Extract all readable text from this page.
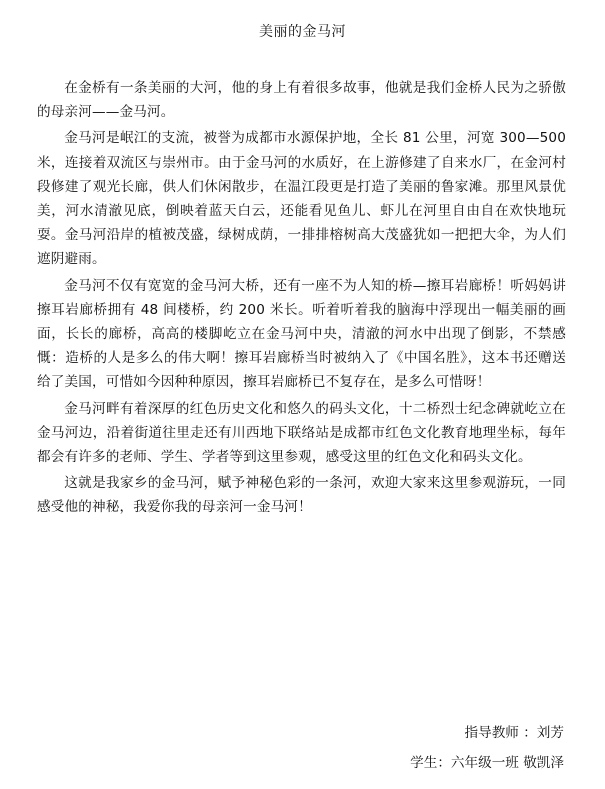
美丽的金马河

在金桥有一条美丽的大河，他的身上有着很多故事，他就是我们金桥人民为之骄傲的母亲河——金马河。

金马河是岷江的支流，被誉为成都市水源保护地，全长 81 公里，河宽 300—500 米，连接着双流区与崇州市。由于金马河的水质好，在上游修建了自来水厂，在金河村段修建了观光长廊，供人们休闲散步，在温江段更是打造了美丽的鲁家滩。那里风景优美，河水清澈见底，倒映着蓝天白云，还能看见鱼儿、虾儿在河里自由自在欢快地玩耍。金马河沿岸的植被茂盛，绿树成荫，一排排榕树高大茂盛犹如一把把大伞，为人们遮阴避雨。

金马河不仅有宽宽的金马河大桥，还有一座不为人知的桥—擦耳岩廊桥！听妈妈讲擦耳岩廊桥拥有 48 间楼桥，约 200 米长。听着听着我的脑海中浮现出一幅美丽的画面，长长的廊桥，高高的楼脚屹立在金马河中央，清澈的河水中出现了倒影，不禁感慨：造桥的人是多么的伟大啊！擦耳岩廊桥当时被纳入了《中国名胜》，这本书还赠送给了美国，可惜如今因种种原因，擦耳岩廊桥已不复存在，是多么可惜呀！

金马河畔有着深厚的红色历史文化和悠久的码头文化，十二桥烈士纪念碑就屹立在金马河边，沿着街道往里走还有川西地下联络站是成都市红色文化教育地理坐标，每年都会有许多的老师、学生、学者等到这里参观，感受这里的红色文化和码头文化。

这就是我家乡的金马河，赋予神秘色彩的一条河，欢迎大家来这里参观游玩，一同感受他的神秘，我爱你我的母亲河一金马河！

指导教师 ：刘芳
学生：六年级一班 敬凯泽
